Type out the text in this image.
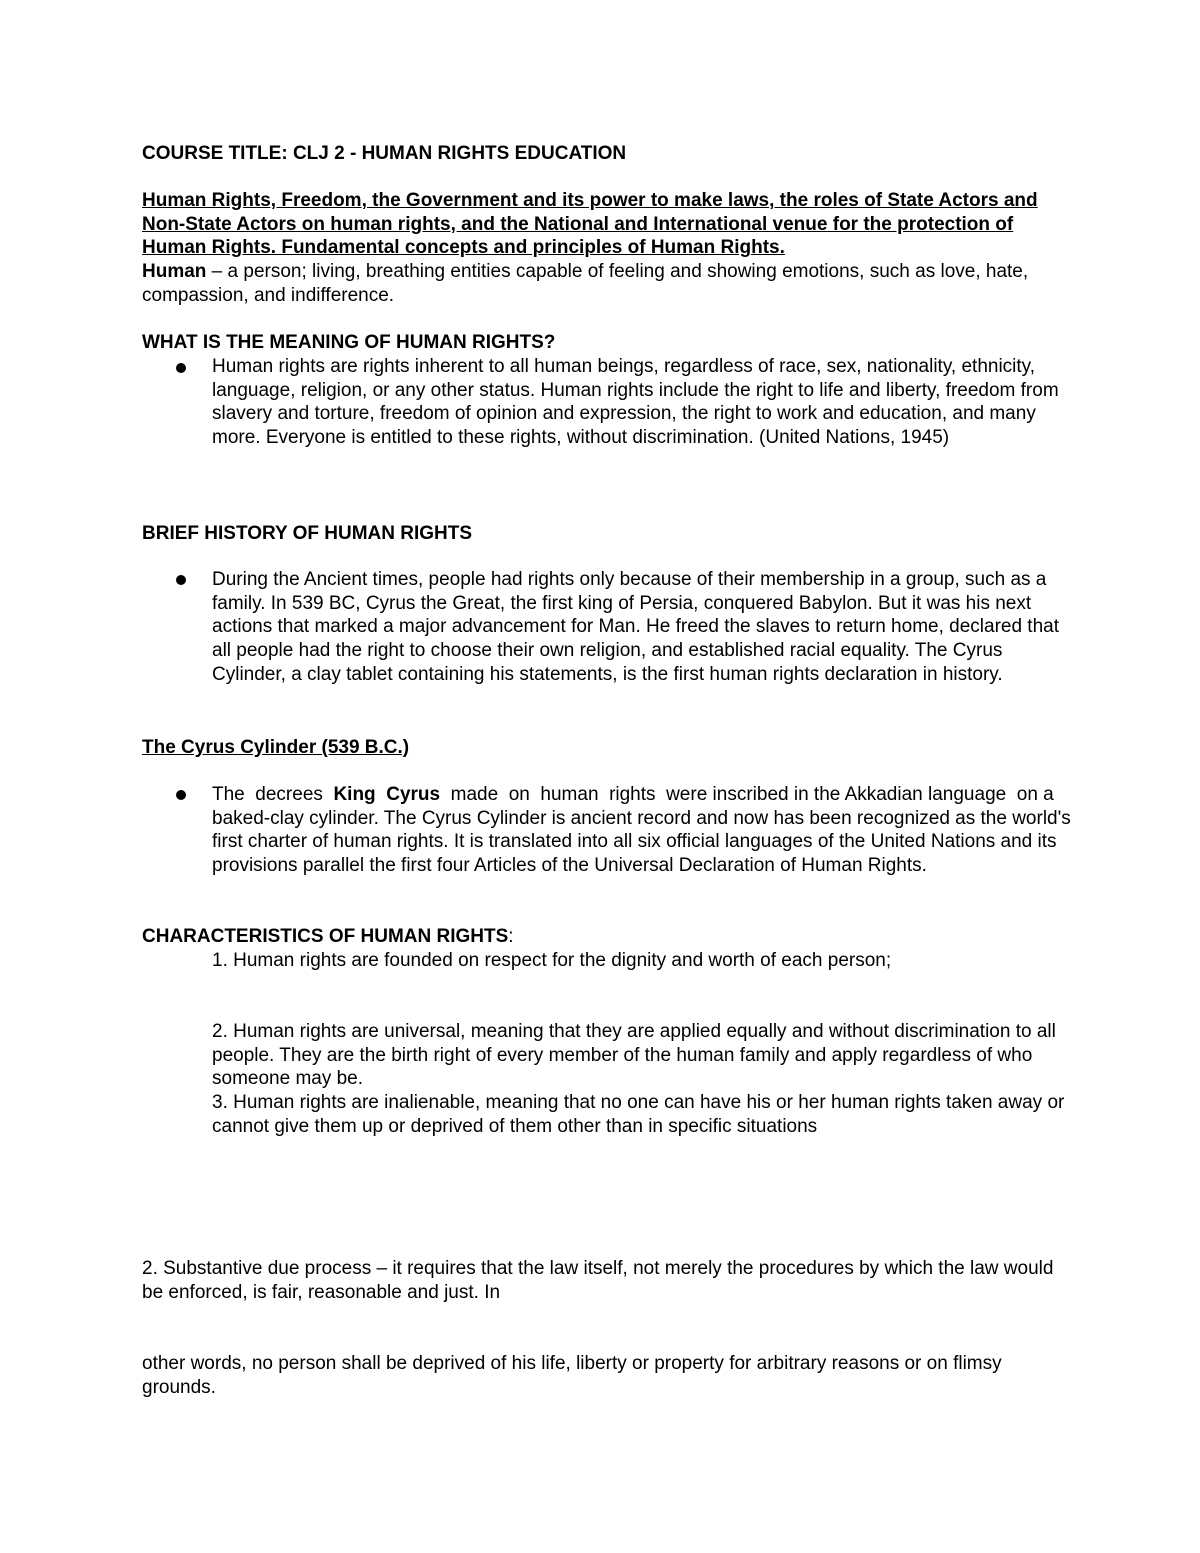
COURSE TITLE: CLJ 2 - HUMAN RIGHTS EDUCATION

Human Rights, Freedom, the Government and its power to make laws, the roles of State Actors and Non-State Actors on human rights, and the National and International venue for the protection of Human Rights. Fundamental concepts and principles of Human Rights.
Human – a person; living, breathing entities capable of feeling and showing emotions, such as love, hate, compassion, and indifference.

WHAT IS THE MEANING OF HUMAN RIGHTS?

Human rights are rights inherent to all human beings, regardless of race, sex, nationality, ethnicity, language, religion, or any other status. Human rights include the right to life and liberty, freedom from slavery and torture, freedom of opinion and expression, the right to work and education, and many more. Everyone is entitled to these rights, without discrimination. (United Nations, 1945)

BRIEF HISTORY OF HUMAN RIGHTS

During the Ancient times, people had rights only because of their membership in a group, such as a family. In 539 BC, Cyrus the Great, the first king of Persia, conquered Babylon. But it was his next actions that marked a major advancement for Man. He freed the slaves to return home, declared that all people had the right to choose their own religion, and established racial equality. The Cyrus Cylinder, a clay tablet containing his statements, is the first human rights declaration in history.

The Cyrus Cylinder (539 B.C.)

The  decrees  King  Cyrus  made  on  human  rights  were inscribed in the Akkadian language  on a baked-clay cylinder. The Cyrus Cylinder is ancient record and now has been recognized as the world's first charter of human rights. It is translated into all six official languages of the United Nations and its provisions parallel the first four Articles of the Universal Declaration of Human Rights.

CHARACTERISTICS OF HUMAN RIGHTS:

1. Human rights are founded on respect for the dignity and worth of each person;

2. Human rights are universal, meaning that they are applied equally and without discrimination to all people. They are the birth right of every member of the human family and apply regardless of who someone may be.

3. Human rights are inalienable, meaning that no one can have his or her human rights taken away or cannot give them up or deprived of them other than in specific situations

2. Substantive due process – it requires that the law itself, not merely the procedures by which the law would be enforced, is fair, reasonable and just. In

other words, no person shall be deprived of his life, liberty or property for arbitrary reasons or on flimsy grounds.
